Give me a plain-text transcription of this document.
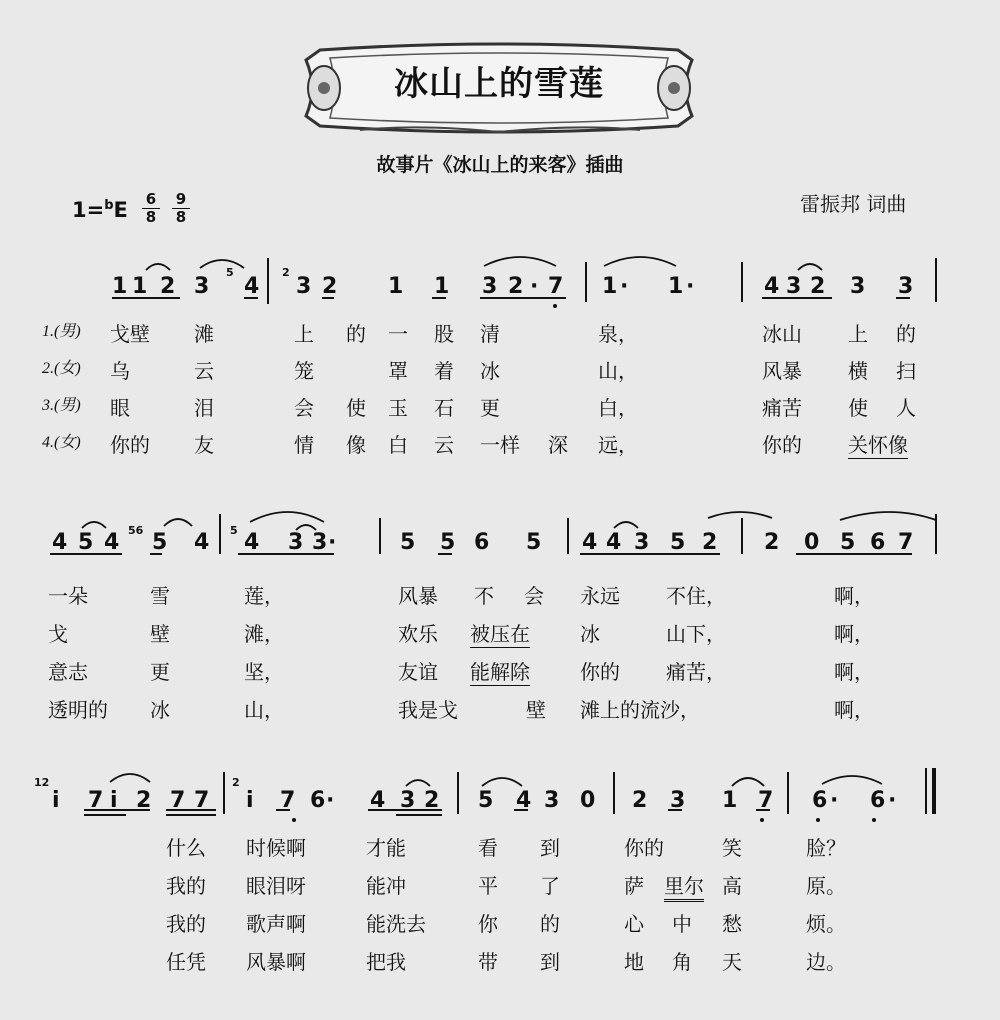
冰山上的雪莲
故事片《冰山上的来客》插曲
雷振邦 词曲
1=$^b$E	6
8
9
8
1 1 2 3
5
4
2
3 2 1 1 3 2 · 7 1 · 1 ·	4 3 2 3 3
1.(男) 戈壁 滩	上 的 一 股 清	泉，	冰山 上 的
2.(女) 乌	云	笼	罩 着 冰	山，	风暴 横 扫
3.(男) 眼	泪	会 使 玉 石 更	白，	痛苦 使 人
4.(女) 你的 友	情 像 白 云 一样 深 远，	你的 关怀像
4 5 4 56 5 4 5 4 3 3 ·	5 5 6 5 4 4 3 5 2 2 0 5 6 7
一朵	雪	莲，	风暴 不 会 永远 不住，	啊，
戈	壁	滩，	欢乐 被压在	冰	山下，	啊，
意志	更	坚，	友谊 能解除	你的 痛苦，	啊，
透明的 冰	山，	我是戈	壁 滩上的流沙，	啊，
12
i 7 i 2 7 7
2
i 7 6 · 4 3 2 5 4 3 0 2 3 1 7 6 · 6 ·
什么 时候啊	才能	看 到	你的	笑	脸？
我的 眼泪呀	能冲	平 了	萨 里尔 高	原。
我的 歌声啊	能洗去	你 的	心 中 愁	烦。
任凭 风暴啊	把我	带 到	地 角 天	边。
